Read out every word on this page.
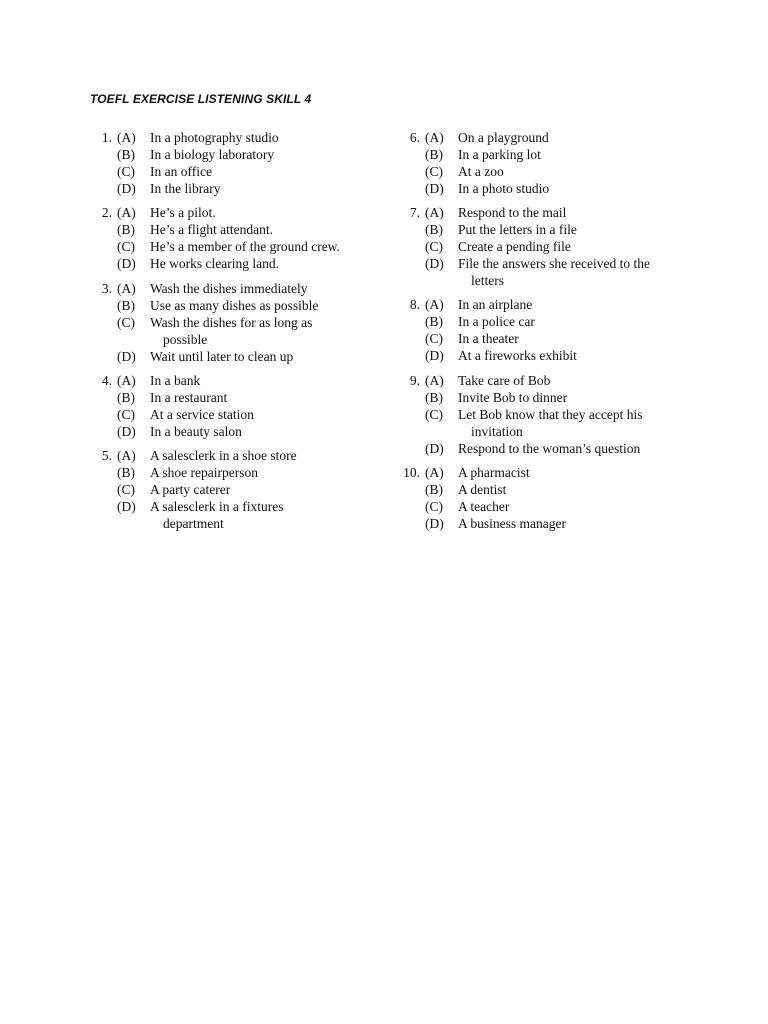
TOEFL EXERCISE LISTENING SKILL 4
1. (A) In a photography studio
(B) In a biology laboratory
(C) In an office
(D) In the library
2. (A) He’s a pilot.
(B) He’s a flight attendant.
(C) He’s a member of the ground crew.
(D) He works clearing land.
3. (A) Wash the dishes immediately
(B) Use as many dishes as possible
(C) Wash the dishes for as long as possible
(D) Wait until later to clean up
4. (A) In a bank
(B) In a restaurant
(C) At a service station
(D) In a beauty salon
5. (A) A salesclerk in a shoe store
(B) A shoe repairperson
(C) A party caterer
(D) A salesclerk in a fixtures department
6. (A) On a playground
(B) In a parking lot
(C) At a zoo
(D) In a photo studio
7. (A) Respond to the mail
(B) Put the letters in a file
(C) Create a pending file
(D) File the answers she received to the letters
8. (A) In an airplane
(B) In a police car
(C) In a theater
(D) At a fireworks exhibit
9. (A) Take care of Bob
(B) Invite Bob to dinner
(C) Let Bob know that they accept his invitation
(D) Respond to the woman’s question
10. (A) A pharmacist
(B) A dentist
(C) A teacher
(D) A business manager
